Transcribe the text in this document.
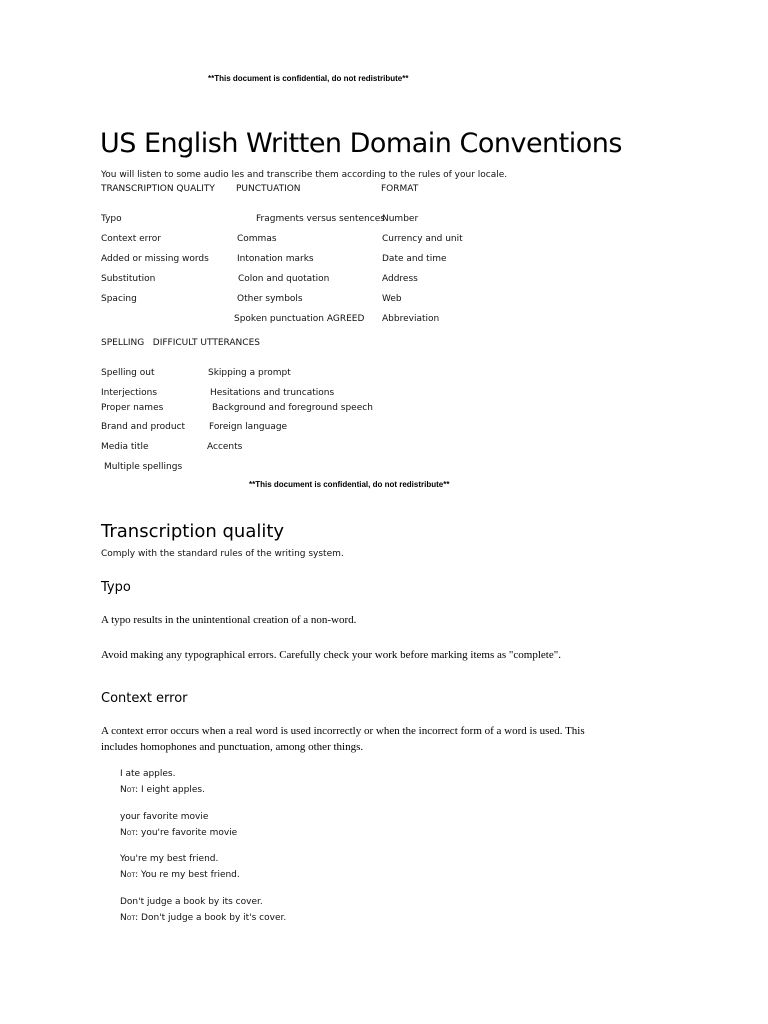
**This document is confidential, do not redistribute**
US English Written Domain Conventions
You will listen to some audio les and transcribe them according to the rules of your locale.
TRANSCRIPTION QUALITY PUNCTUATION	FORMAT
Typo
Context error
Added or missing words
Substitution
Spacing
Fragments versus sentences
Commas
Intonation marks
Colon and quotation
Other symbols
Spoken punctuation AGREED
Number
Currency and unit
Date and time
Address
Web
Abbreviation
SPELLING   DIFFICULT UTTERANCES
Spelling out
Interjections
Proper names
Brand and product
Media title
Multiple spellings
Skipping a prompt
Hesitations and truncations
Background and foreground speech
Foreign language
Accents
**This document is confidential, do not redistribute**
Transcription quality
Comply with the standard rules of the writing system.
Typo
A typo results in the unintentional creation of a non-word.
Avoid making any typographical errors. Carefully check your work before marking items as "complete".
Context error
A context error occurs when a real word is used incorrectly or when the incorrect form of a word is used. This includes homophones and punctuation, among other things.
I ate apples.
Not: I eight apples.
your favorite movie
Not: you're favorite movie
You're my best friend.
Not: You re my best friend.
Don't judge a book by its cover.
Not: Don't judge a book by it's cover.
